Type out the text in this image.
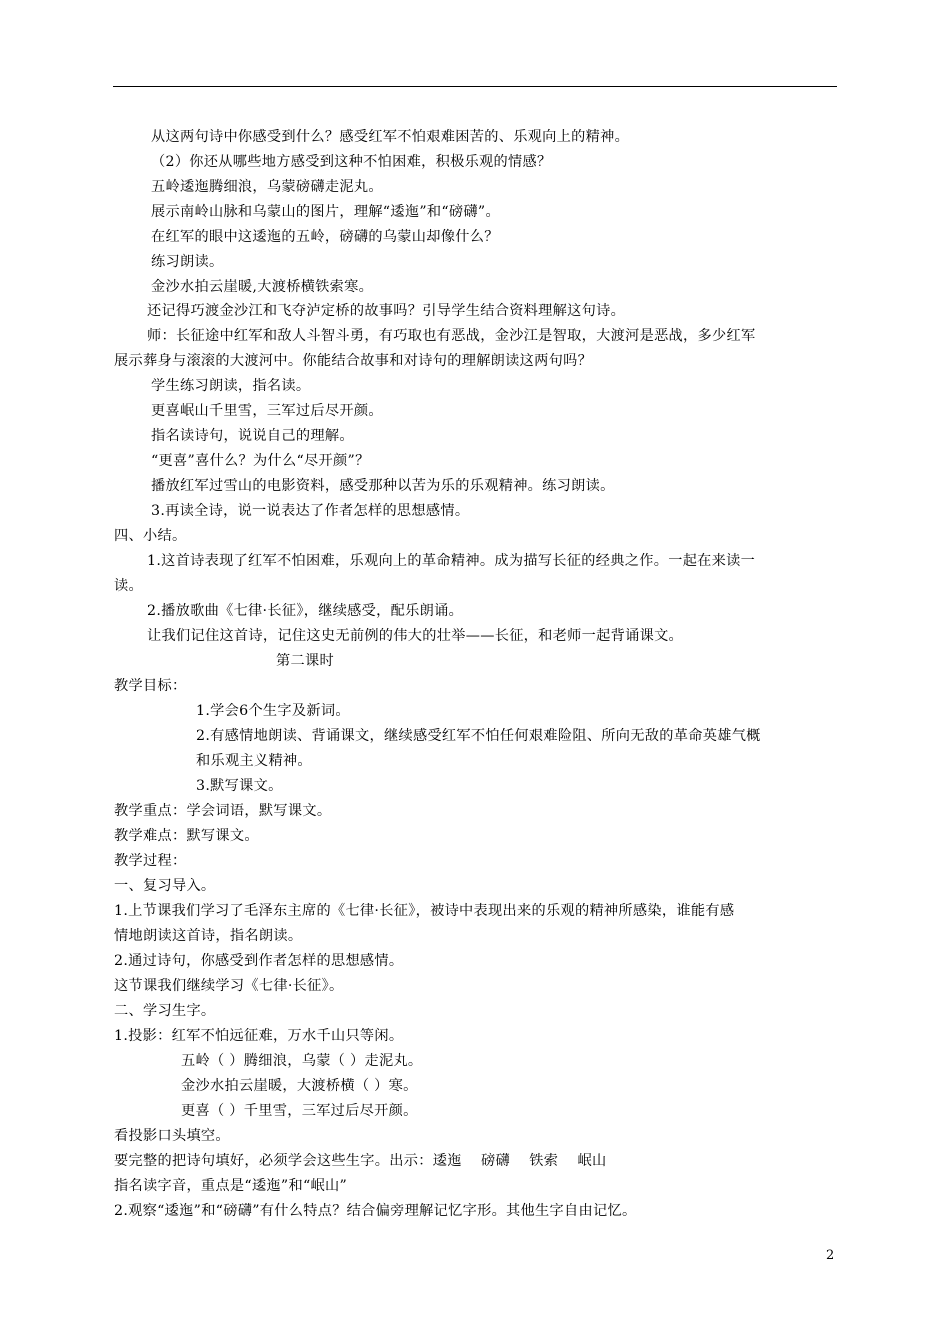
从这两句诗中你感受到什么？感受红军不怕艰难困苦的、乐观向上的精神。
（2）你还从哪些地方感受到这种不怕困难，积极乐观的情感？
五岭逶迤腾细浪，乌蒙磅礴走泥丸。
展示南岭山脉和乌蒙山的图片，理解“逶迤”和“磅礴”。
在红军的眼中这逶迤的五岭，磅礴的乌蒙山却像什么？
练习朗读。
金沙水拍云崖暖,大渡桥横铁索寒。
还记得巧渡金沙江和飞夺泸定桥的故事吗？引导学生结合资料理解这句诗。
师：长征途中红军和敌人斗智斗勇，有巧取也有恶战，金沙江是智取，大渡河是恶战，多少红军
展示葬身与滚滚的大渡河中。你能结合故事和对诗句的理解朗读这两句吗？
学生练习朗读，指名读。
更喜岷山千里雪，三军过后尽开颜。
指名读诗句，说说自己的理解。
“更喜”喜什么？为什么“尽开颜”？
播放红军过雪山的电影资料，感受那种以苦为乐的乐观精神。练习朗读。
3.再读全诗，说一说表达了作者怎样的思想感情。
四、小结。
1.这首诗表现了红军不怕困难，乐观向上的革命精神。成为描写长征的经典之作。一起在来读一
读。
2.播放歌曲《七律·长征》，继续感受，配乐朗诵。
让我们记住这首诗，记住这史无前例的伟大的壮举——长征，和老师一起背诵课文。
第二课时
教学目标：
1.学会6个生字及新词。
2.有感情地朗读、背诵课文，继续感受红军不怕任何艰难险阻、所向无敌的革命英雄气概
和乐观主义精神。
3.默写课文。
教学重点：学会词语，默写课文。
教学难点：默写课文。
教学过程：
一、复习导入。
1.上节课我们学习了毛泽东主席的《七律·长征》，被诗中表现出来的乐观的精神所感染，谁能有感
情地朗读这首诗，指名朗读。
2.通过诗句，你感受到作者怎样的思想感情。
这节课我们继续学习《七律·长征》。
二、学习生字。
1.投影：红军不怕远征难，万水千山只等闲。
五岭（ ）腾细浪，乌蒙（ ）走泥丸。
金沙水拍云崖暖，大渡桥横（ ）寒。
更喜（ ）千里雪，三军过后尽开颜。
看投影口头填空。
要完整的把诗句填好，必须学会这些生字。出示：逶迤　 磅礴　 铁索　 岷山
指名读字音，重点是“逶迤”和“岷山”
2.观察“逶迤”和“磅礴”有什么特点？结合偏旁理解记忆字形。其他生字自由记忆。
2
